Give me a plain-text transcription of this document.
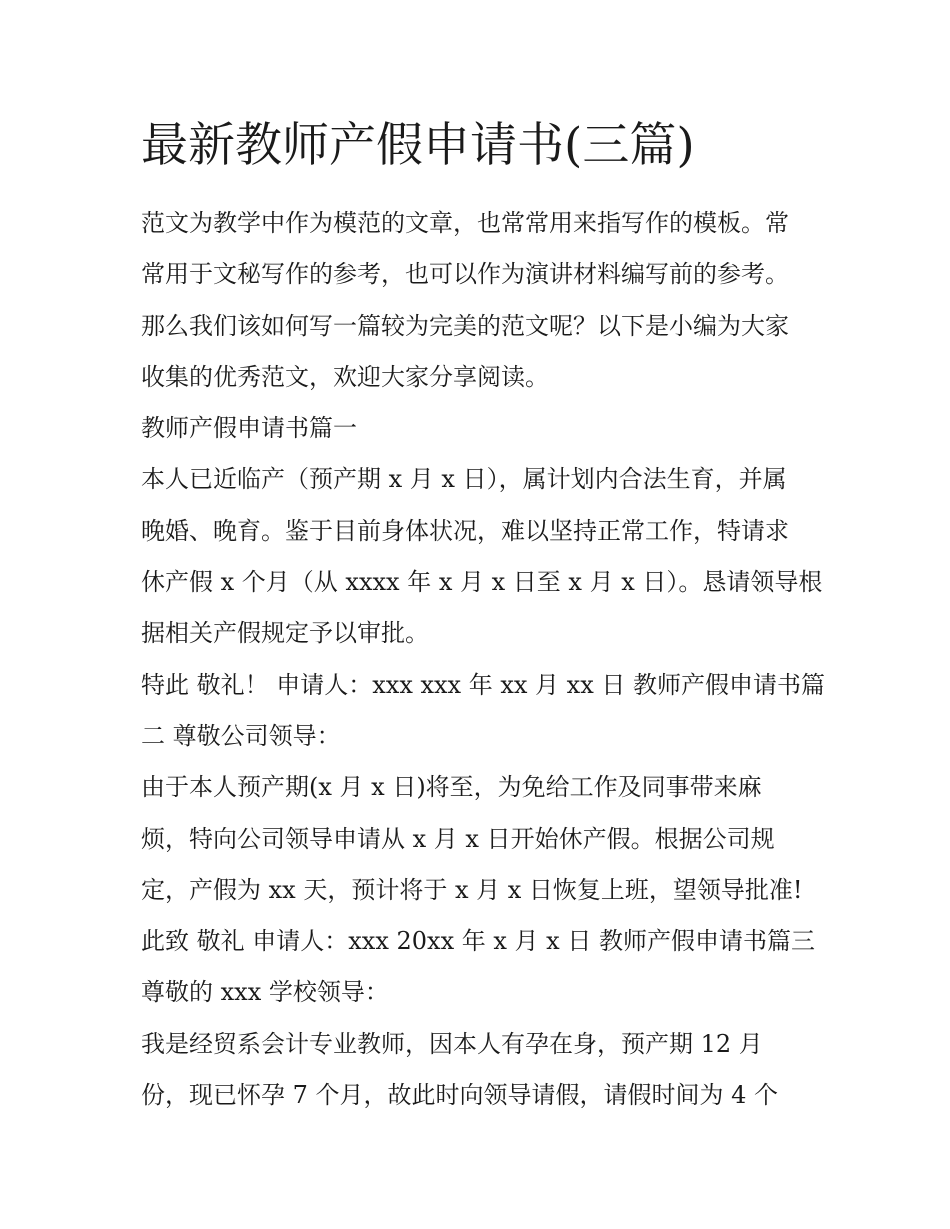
最新教师产假申请书(三篇)
范文为教学中作为模范的文章，也常常用来指写作的模板。常
常用于文秘写作的参考，也可以作为演讲材料编写前的参考。
那么我们该如何写一篇较为完美的范文呢？以下是小编为大家
收集的优秀范文，欢迎大家分享阅读。
教师产假申请书篇一
本人已近临产（预产期 x 月 x 日），属计划内合法生育，并属
晚婚、晚育。鉴于目前身体状况，难以坚持正常工作，特请求
休产假 x 个月（从 xxxx 年 x 月 x 日至 x 月 x 日）。恳请领导根
据相关产假规定予以审批。
特此 敬礼！ 申请人：xxx xxx 年 xx 月 xx 日 教师产假申请书篇
二 尊敬公司领导：
由于本人预产期(x 月 x 日)将至，为免给工作及同事带来麻
烦，特向公司领导申请从 x 月 x 日开始休产假。根据公司规
定，产假为 xx 天，预计将于 x 月 x 日恢复上班，望领导批准!
此致 敬礼 申请人：xxx 20xx 年 x 月 x 日 教师产假申请书篇三
尊敬的 xxx 学校领导：
我是经贸系会计专业教师，因本人有孕在身，预产期 12 月
份，现已怀孕 7 个月，故此时向领导请假，请假时间为 4 个
